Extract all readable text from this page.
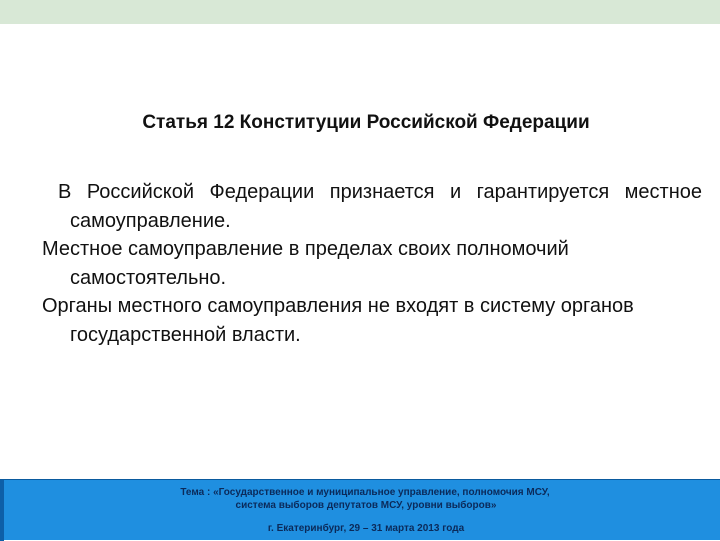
Статья 12 Конституции Российской Федерации

В Российской Федерации признается и гарантируется местное самоуправление.

Местное самоуправление в пределах своих полномочий самостоятельно.

Органы местного самоуправления не входят в систему органов государственной власти.

Тема : «Государственное и муниципальное управление, полномочия МСУ,
система выборов депутатов МСУ, уровни выборов»
г. Екатеринбург, 29 – 31 марта 2013 года
